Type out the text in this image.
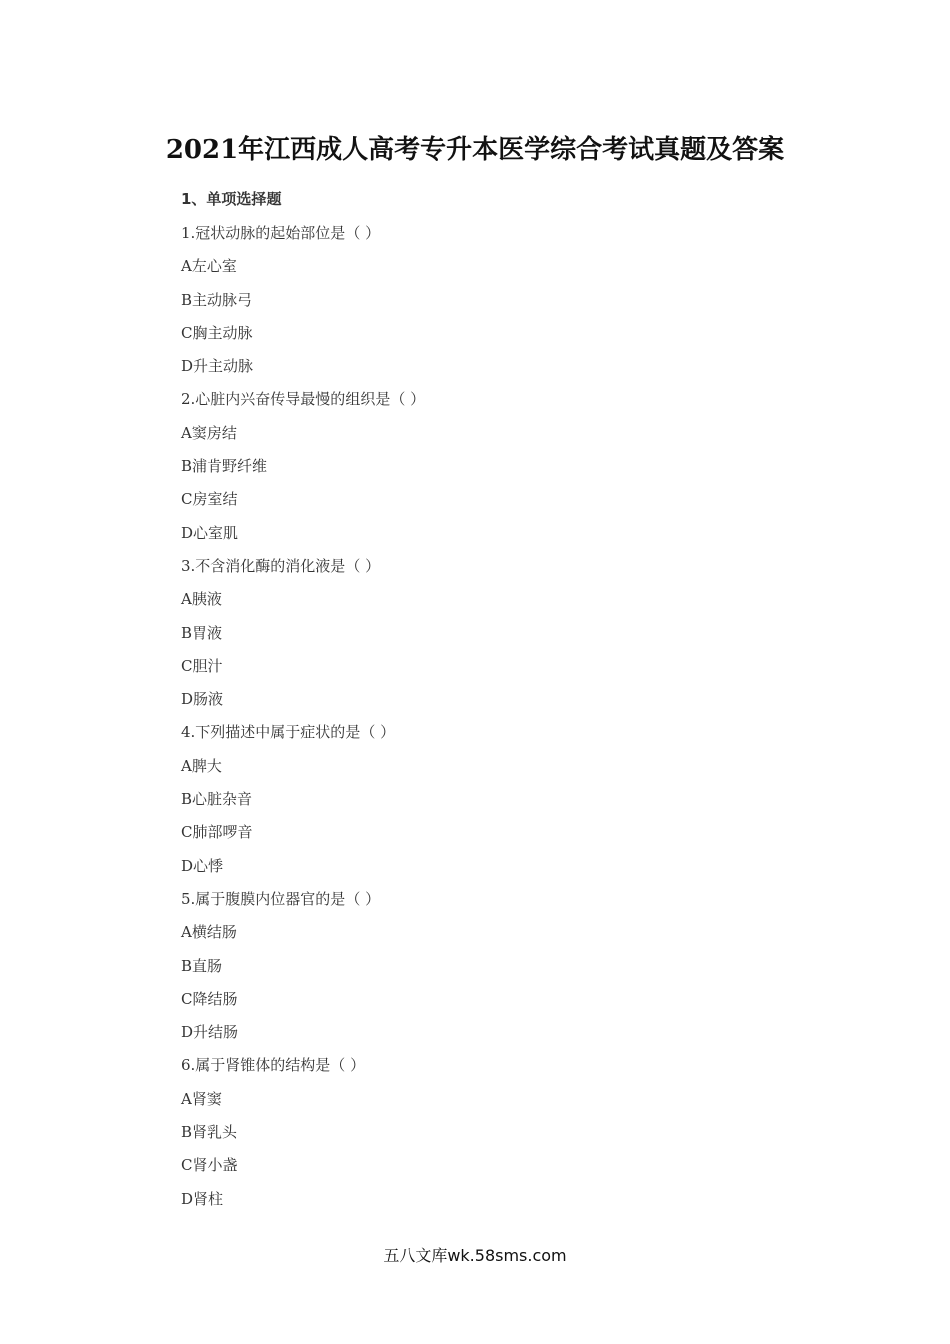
2021年江西成人高考专升本医学综合考试真题及答案
1、单项选择题
1.冠状动脉的起始部位是（ ）
A左心室
B主动脉弓
C胸主动脉
D升主动脉
2.心脏内兴奋传导最慢的组织是（ ）
A窦房结
B浦肯野纤维
C房室结
D心室肌
3.不含消化酶的消化液是（ ）
A胰液
B胃液
C胆汁
D肠液
4.下列描述中属于症状的是（ ）
A脾大
B心脏杂音
C肺部啰音
D心悸
5.属于腹膜内位器官的是（ ）
A横结肠
B直肠
C降结肠
D升结肠
6.属于肾锥体的结构是（ ）
A肾窦
B肾乳头
C肾小盏
D肾柱
五八文库wk.58sms.com
